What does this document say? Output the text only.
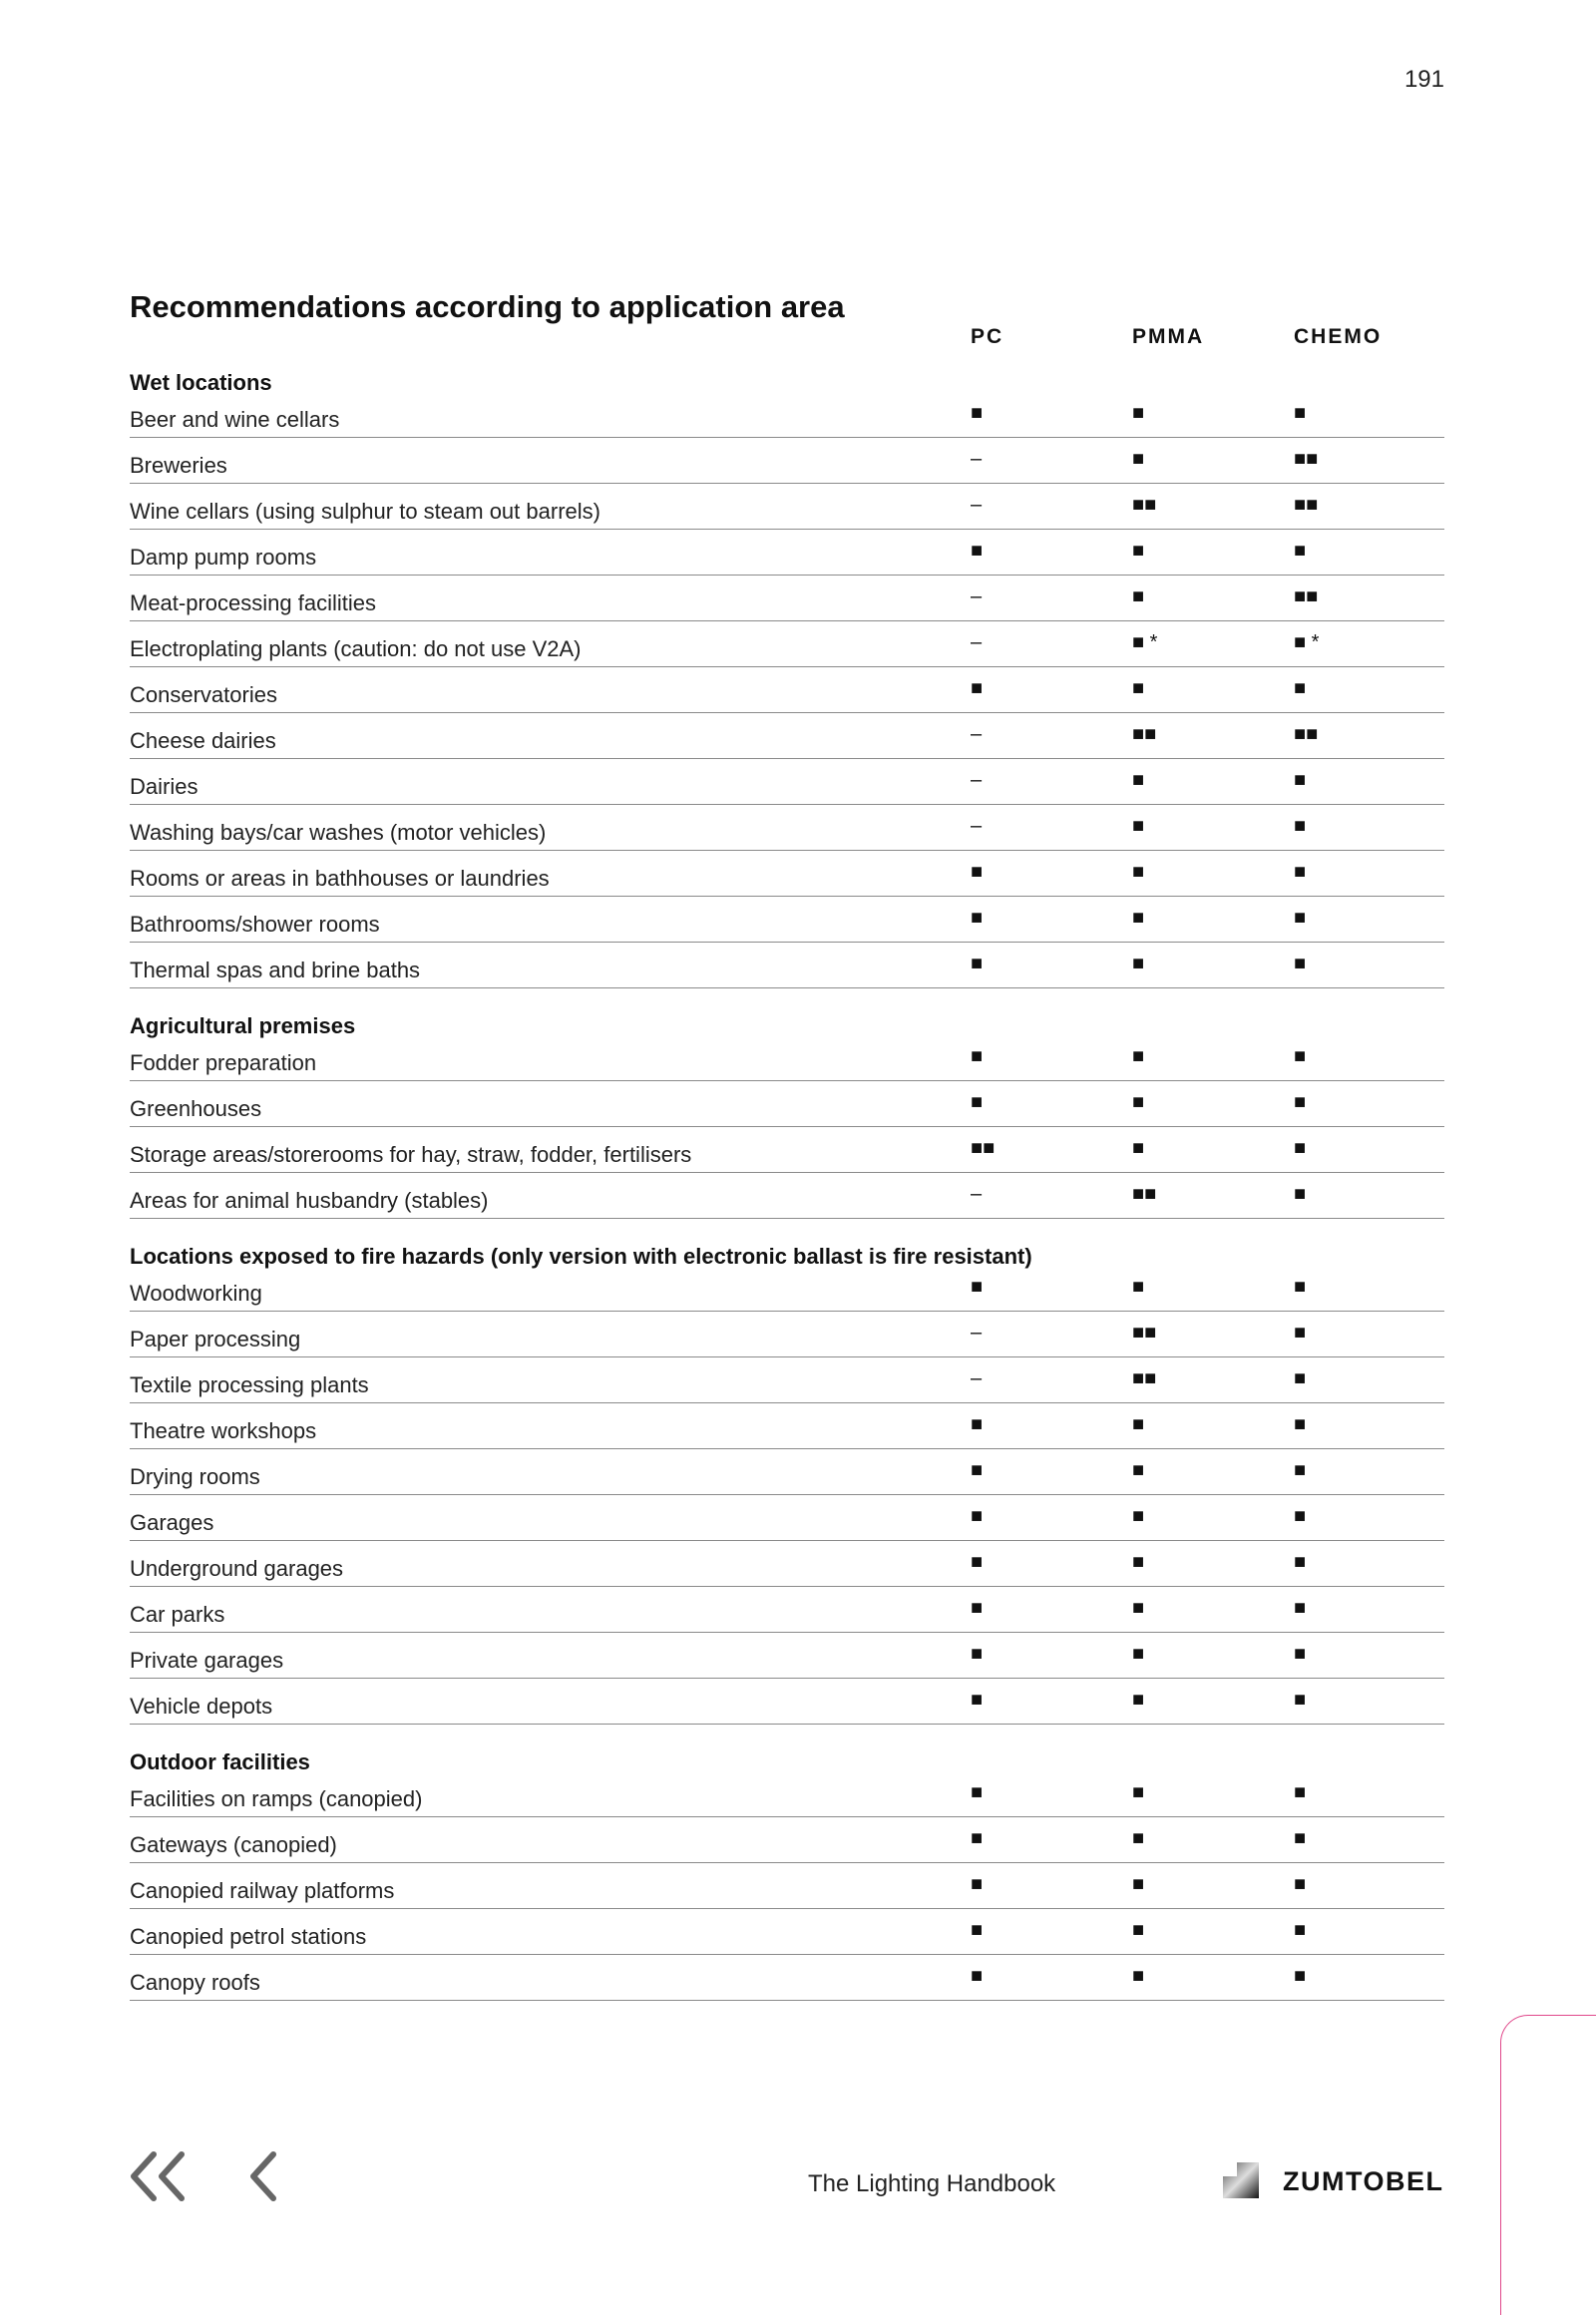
191
Recommendations according to application area
PC	PMMA	CHEMO
Wet locations
Beer and wine cellars	■	■	■
Breweries	–	■	■■
Wine cellars (using sulphur to steam out barrels)	–	■■	■■
Damp pump rooms	■	■	■
Meat-processing facilities	–	■	■■
Electroplating plants (caution: do not use V2A)	–	■ *	■ *
Conservatories	■	■	■
Cheese dairies	–	■■	■■
Dairies	–	■	■
Washing bays/car washes (motor vehicles)	–	■	■
Rooms or areas in bathhouses or laundries	■	■	■
Bathrooms/shower rooms	■	■	■
Thermal spas and brine baths	■	■	■
Agricultural premises
Fodder preparation	■	■	■
Greenhouses	■	■	■
Storage areas/storerooms for hay, straw, fodder, fertilisers	■■	■	■
Areas for animal husbandry (stables)	–	■■	■
Locations exposed to fire hazards (only version with electronic ballast is fire resistant)
Woodworking	■	■	■
Paper processing	–	■■	■
Textile processing plants	–	■■	■
Theatre workshops	■	■	■
Drying rooms	■	■	■
Garages	■	■	■
Underground garages	■	■	■
Car parks	■	■	■
Private garages	■	■	■
Vehicle depots	■	■	■
Outdoor facilities
Facilities on ramps (canopied)	■	■	■
Gateways (canopied)	■	■	■
Canopied railway platforms	■	■	■
Canopied petrol stations	■	■	■
Canopy roofs	■	■	■
The Lighting Handbook	ZUMTOBEL
